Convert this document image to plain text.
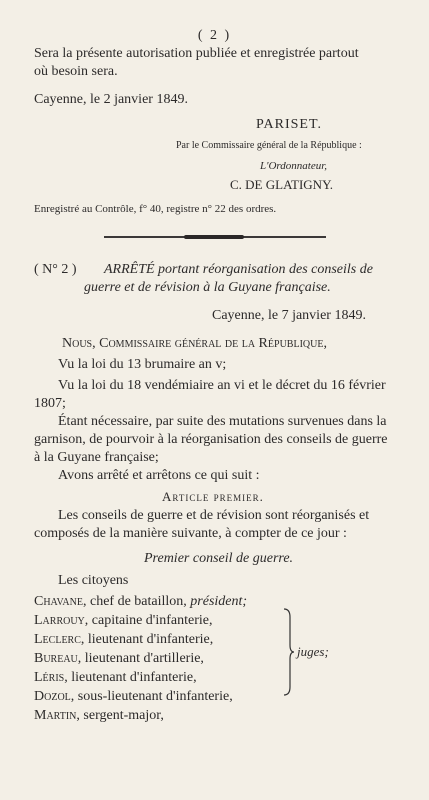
( 2 )
Sera la présente autorisation publiée et enregistrée partout
où besoin sera.
Cayenne, le 2 janvier 1849.
PARISET.
Par le Commissaire général de la République :
L'Ordonnateur,
C. DE GLATIGNY.
Enregistré au Contrôle, f° 40, registre n° 22 des ordres.
( N° 2 ) ARRÊTÉ portant réorganisation des conseils de
guerre et de révision à la Guyane française.
Cayenne, le 7 janvier 1849.
Nous, Commissaire général de la République,
Vu la loi du 13 brumaire an v;
Vu la loi du 18 vendémiaire an vi et le décret du 16 février
1807;
Étant nécessaire, par suite des mutations survenues dans la
garnison, de pourvoir à la réorganisation des conseils de guerre
à la Guyane française;
Avons arrêté et arrêtons ce qui suit :
Article premier.
Les conseils de guerre et de révision sont réorganisés et
composés de la manière suivante, à compter de ce jour :
Premier conseil de guerre.
Les citoyens
Chavane, chef de bataillon, président;
Larrouy, capitaine d'infanterie,
Leclerc, lieutenant d'infanterie,
Bureau, lieutenant d'artillerie,
Léris, lieutenant d'infanterie,
Dozol, sous-lieutenant d'infanterie,
Martin, sergent-major,
juges;
